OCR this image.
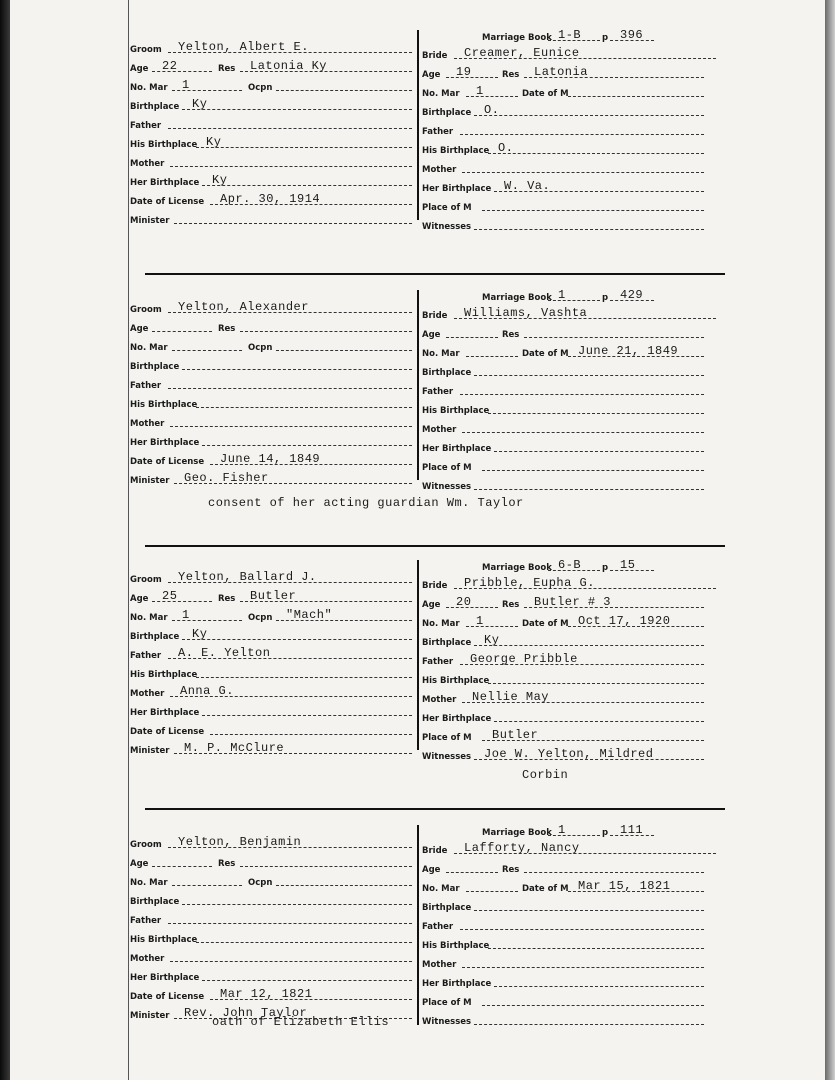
Groom Yelton, Albert E.
Age 22	Res Latonia Ky
No. Mar 1	Ocpn
Birthplace Ky
Father
His Birthplace Ky
Mother
Her Birthplace Ky
Date of License Apr. 30, 1914
Minister
Marriage Book 1-B p 396
Bride Creamer, Eunice
Age 19	Res Latonia
No. Mar 1	Date of M
Birthplace O.
Father
His Birthplace O.
Mother
Her Birthplace W. Va.
Place of M
Witnesses
Groom Yelton, Alexander
Age	Res
No. Mar	Ocpn
Birthplace
Father
His Birthplace
Mother
Her Birthplace
Date of License June 14, 1849
Minister Geo. Fisher
Marriage Book 1	p 429
Bride Williams, Vashta
Age	Res
No. Mar	Date of M June 21, 1849
Birthplace
Father
His Birthplace
Mother
Her Birthplace
Place of M
Witnesses
consent of her acting guardian Wm. Taylor
Groom Yelton, Ballard J.
Age 25	Res Butler
No. Mar 1	Ocpn "Mach"
Birthplace Ky
Father A. E. Yelton
His Birthplace
Mother Anna G.
Her Birthplace
Date of License
Minister M. P. McClure
Marriage Book 6-B p 15
Bride Pribble, Eupha G.
Age 20	Res Butler # 3
No. Mar 1	Date of M Oct 17, 1920
Birthplace Ky
Father George Pribble
His Birthplace
Mother Nellie May
Her Birthplace
Place of M Butler
Witnesses Joe W. Yelton, Mildred
Corbin
Groom Yelton, Benjamin
Age	Res
No. Mar	Ocpn
Birthplace
Father
His Birthplace
Mother
Her Birthplace
Date of License Mar 12, 1821
Minister Rev. John Taylor
Marriage Book 1	p 111
Bride Lafforty, Nancy
Age	Res
No. Mar	Date of M Mar 15, 1821
Birthplace
Father
His Birthplace
Mother
Her Birthplace
Place of M
Witnesses
oath of Elizabeth Ellis
